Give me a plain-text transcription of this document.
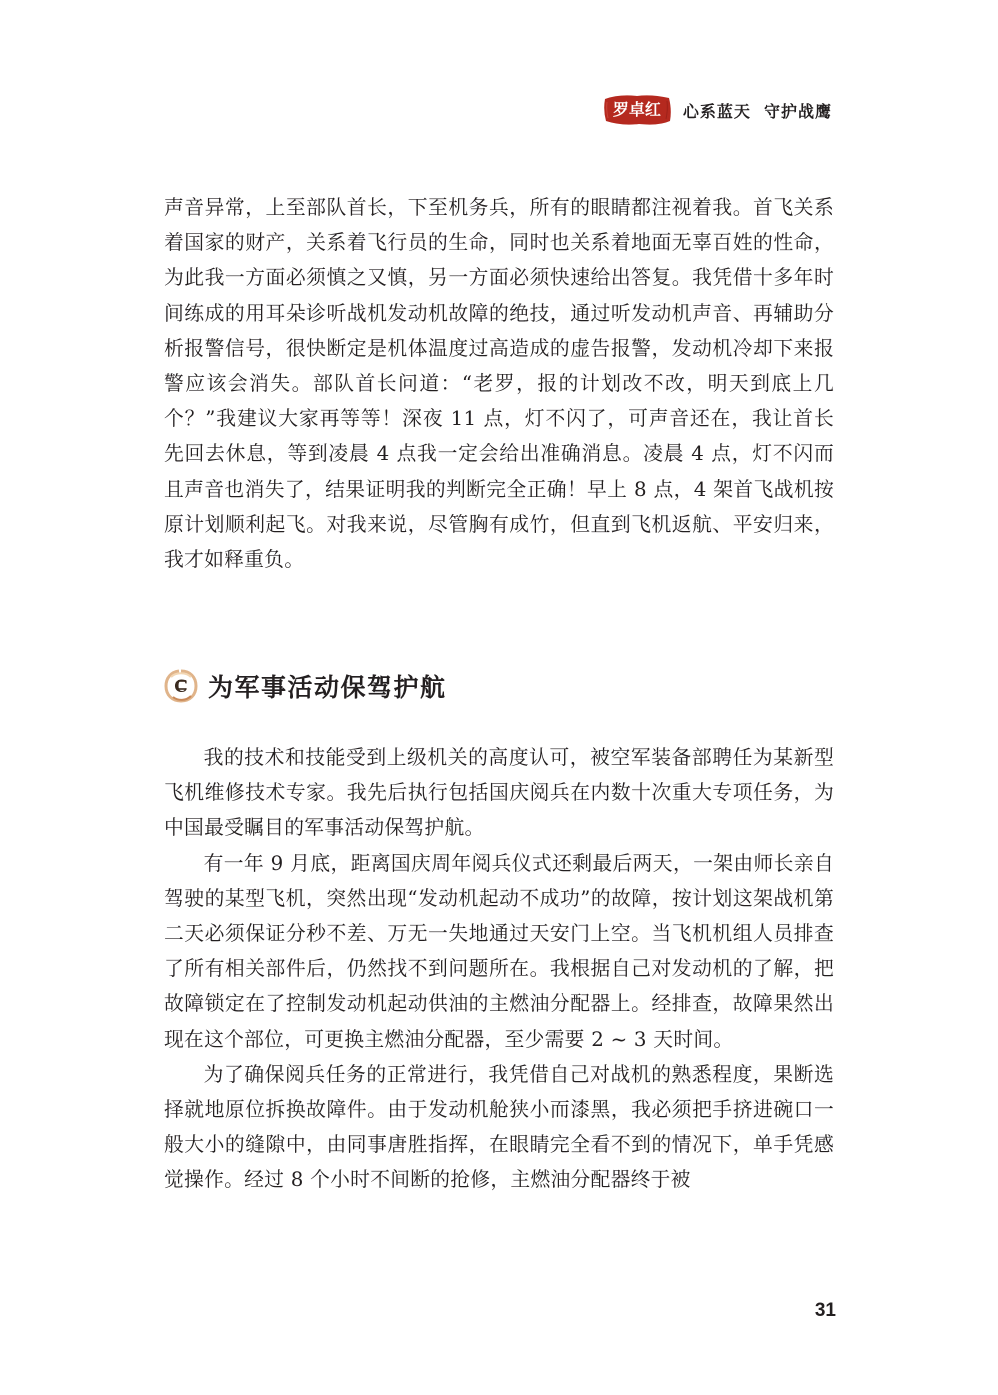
罗卓红	心系蓝天  守护战鹰

声音异常，上至部队首长，下至机务兵，所有的眼睛都注视着我。首飞关系着国家的财产，关系着飞行员的生命，同时也关系着地面无辜百姓的性命，为此我一方面必须慎之又慎，另一方面必须快速给出答复。我凭借十多年时间练成的用耳朵诊听战机发动机故障的绝技，通过听发动机声音、再辅助分析报警信号，很快断定是机体温度过高造成的虚告报警，发动机冷却下来报警应该会消失。部队首长问道：“老罗，报的计划改不改，明天到底上几个？”我建议大家再等等！深夜 11 点，灯不闪了，可声音还在，我让首长先回去休息，等到凌晨 4 点我一定会给出准确消息。凌晨 4 点，灯不闪而且声音也消失了，结果证明我的判断完全正确！早上 8 点，4 架首飞战机按原计划顺利起飞。对我来说，尽管胸有成竹，但直到飞机返航、平安归来，我才如释重负。

C 为军事活动保驾护航

我的技术和技能受到上级机关的高度认可，被空军装备部聘任为某新型飞机维修技术专家。我先后执行包括国庆阅兵在内数十次重大专项任务，为中国最受瞩目的军事活动保驾护航。

有一年 9 月底，距离国庆周年阅兵仪式还剩最后两天，一架由师长亲自驾驶的某型飞机，突然出现“发动机起动不成功”的故障，按计划这架战机第二天必须保证分秒不差、万无一失地通过天安门上空。当飞机机组人员排查了所有相关部件后，仍然找不到问题所在。我根据自己对发动机的了解，把故障锁定在了控制发动机起动供油的主燃油分配器上。经排查，故障果然出现在这个部位，可更换主燃油分配器，至少需要 2 ~ 3 天时间。

为了确保阅兵任务的正常进行，我凭借自己对战机的熟悉程度，果断选择就地原位拆换故障件。由于发动机舱狭小而漆黑，我必须把手挤进碗口一般大小的缝隙中，由同事唐胜指挥，在眼睛完全看不到的情况下，单手凭感觉操作。经过 8 个小时不间断的抢修，主燃油分配器终于被

31
